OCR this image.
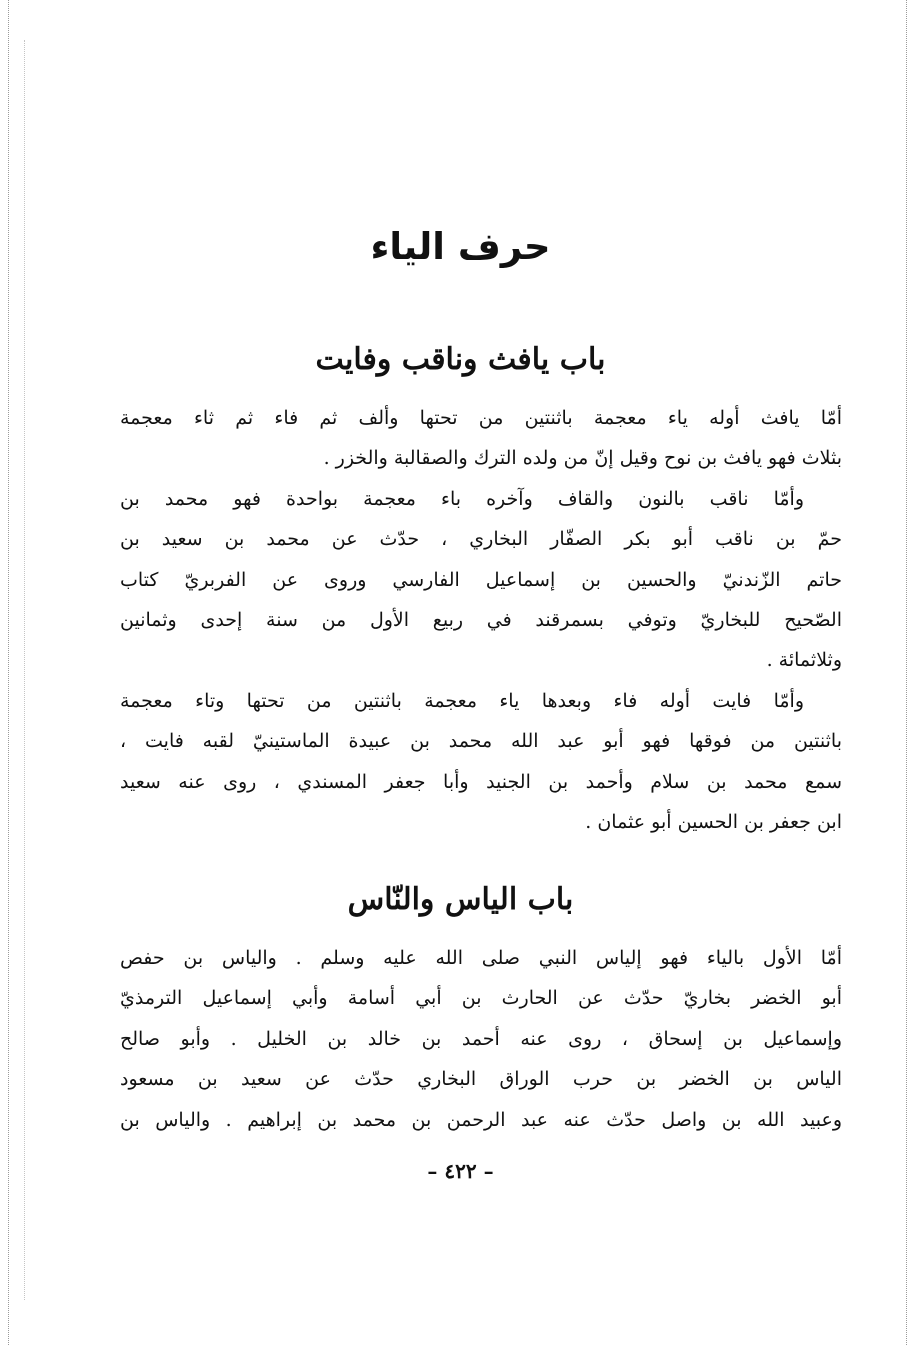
حرف الياء
باب يافث وناقب وفايت
أمّا يافث أوله ياء معجمة باثنتين من تحتها وألف ثم فاء ثم ثاء معجمة
بثلاث فهو يافث بن نوح وقيل إنّ من ولده الترك والصقالبة والخزر .
وأمّا ناقب بالنون والقاف وآخره باء معجمة بواحدة فهو محمد بن
حمّ بن ناقب أبو بكر الصفّار البخاري ، حدّث عن محمد بن سعيد بن
حاتم الزّندنيّ والحسين بن إسماعيل الفارسي وروى عن الفربريّ كتاب
الصّحيح للبخاريّ وتوفي بسمرقند في ربيع الأول من سنة إحدى وثمانين
وثلاثمائة .
وأمّا فايت أوله فاء وبعدها ياء معجمة باثنتين من تحتها وتاء معجمة
باثنتين من فوقها فهو أبو عبد الله محمد بن عبيدة الماستينيّ لقبه فايت ،
سمع محمد بن سلام وأحمد بن الجنيد وأبا جعفر المسندي ، روى عنه سعيد
ابن جعفر بن الحسين أبو عثمان .
باب الياس والنّاس
أمّا الأول بالياء فهو إلياس النبي صلى الله عليه وسلم . والياس بن حفص
أبو الخضر بخاريّ حدّث عن الحارث بن أبي أسامة وأبي إسماعيل الترمذيّ
وإسماعيل بن إسحاق ، روى عنه أحمد بن خالد بن الخليل . وأبو صالح
الياس بن الخضر بن حرب الوراق البخاري حدّث عن سعيد بن مسعود
وعبيد الله بن واصل حدّث عنه عبد الرحمن بن محمد بن إبراهيم . والياس بن
– ٤٢٢ –
